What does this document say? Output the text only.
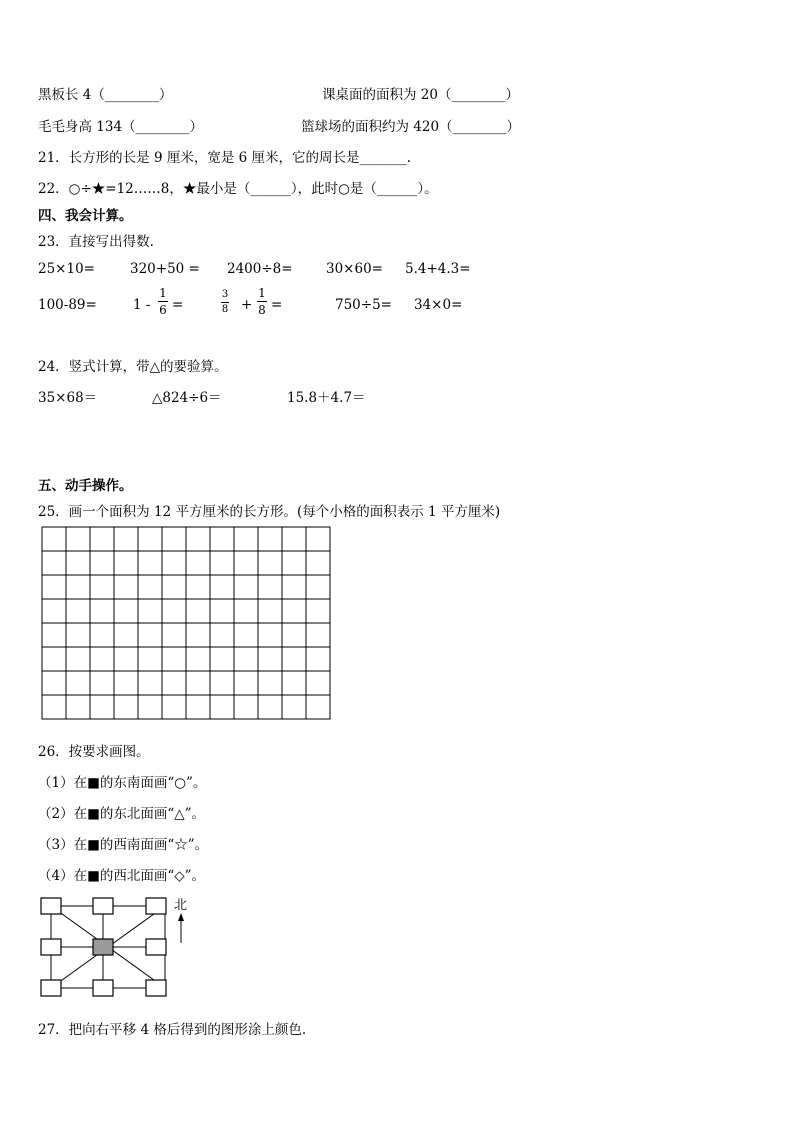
黑板长 4（________）	课桌面的面积为 20（________）
毛毛身高 134（________）	篮球场的面积约为 420（________）
21．长方形的长是 9 厘米，宽是 6 厘米，它的周长是_______.
22．○÷★=12……8，★最小是（______），此时○是（______）。
四、我会计算。
23．直接写出得数.
25×10=	320+50 = 2400÷8= 30×60= 5.4+4.3=
100-89=	1 -
1
6 =
3
8 +
1
8 =	750÷5= 34×0=
24．竖式计算，带△的要验算。
35×68＝	△824÷6＝	15.8＋4.7＝
五、动手操作。
25．画一个面积为 12 平方厘米的长方形。(每个小格的面积表示 1 平方厘米)
26．按要求画图。
（1）在■的东南面画“○”。
（2）在■的东北面画“△”。
（3）在■的西南面画“☆”。
（4）在■的西北面画“◇”。
北
27．把向右平移 4 格后得到的图形涂上颜色.
